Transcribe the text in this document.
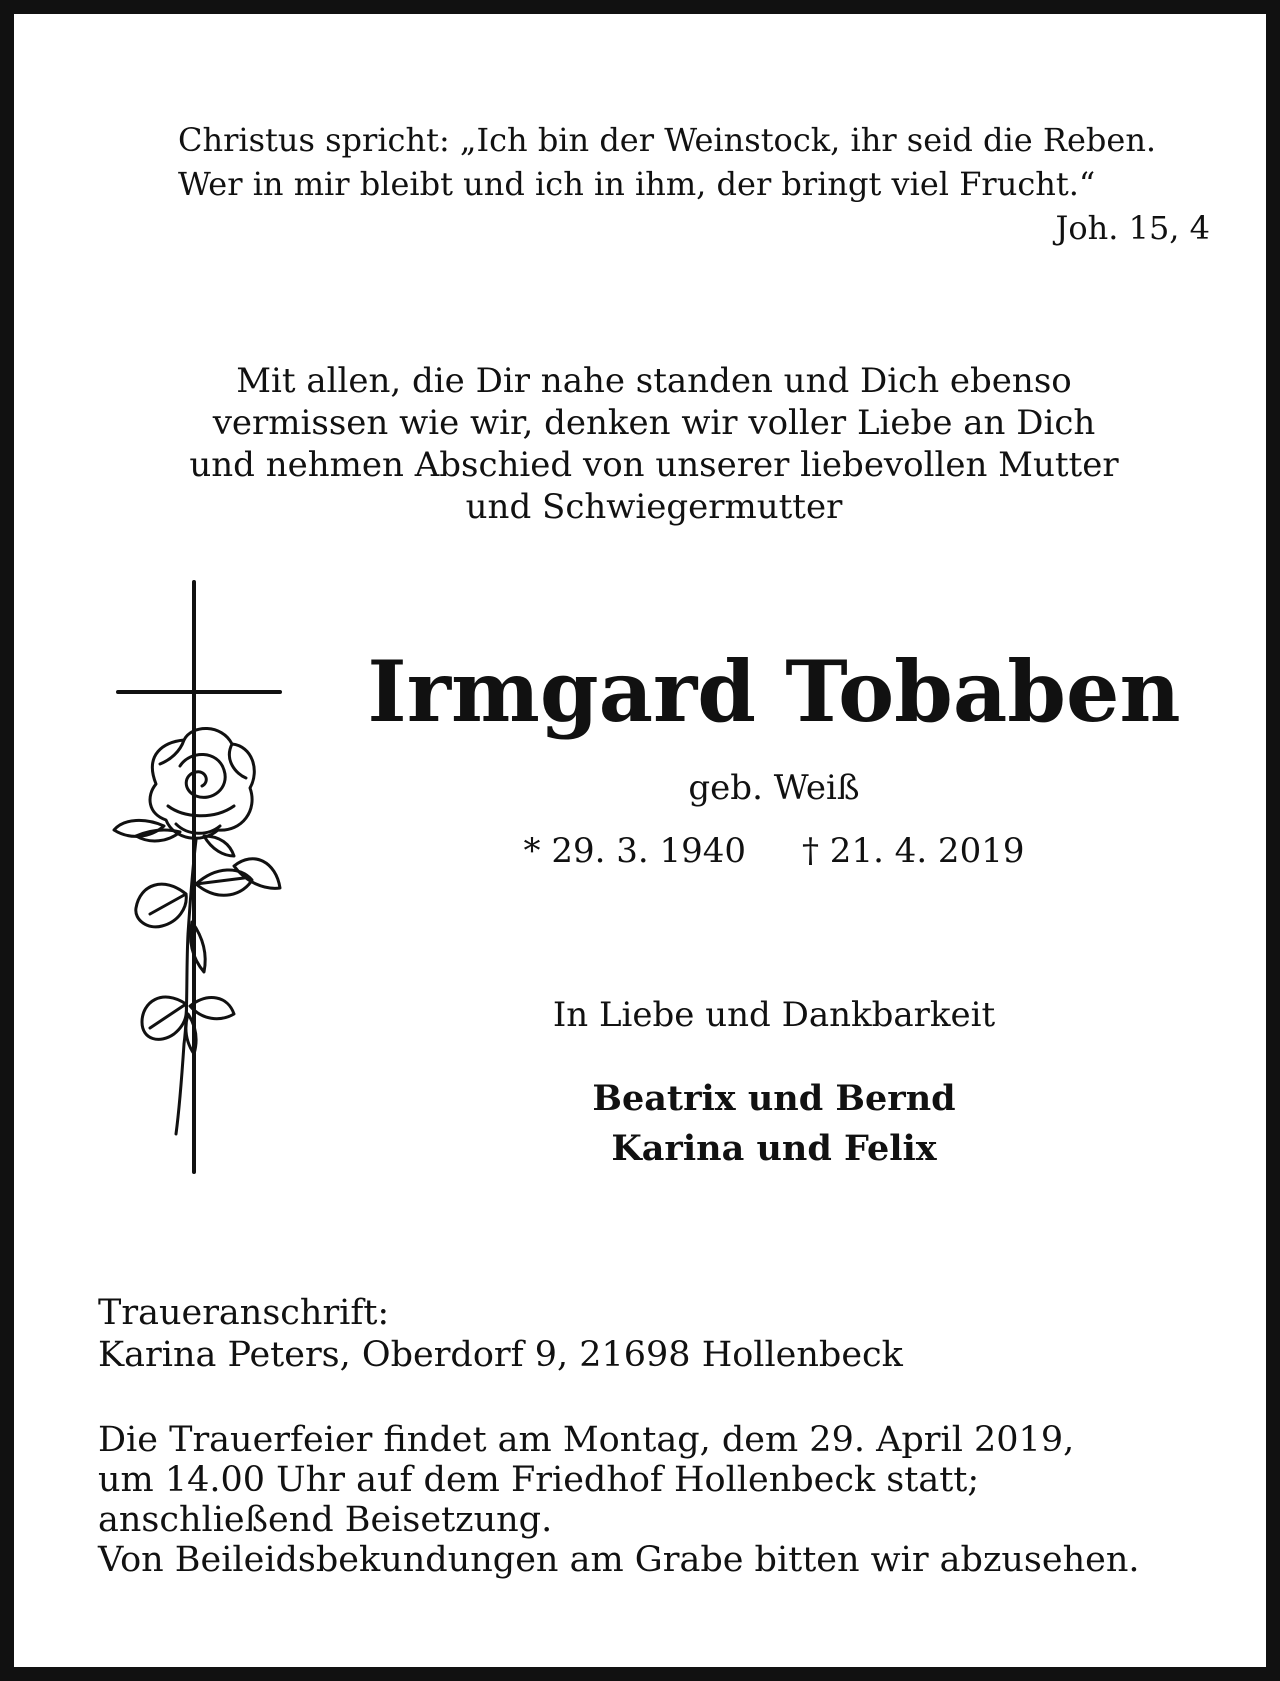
Christus spricht: „Ich bin der Weinstock, ihr seid die Reben.
Wer in mir bleibt und ich in ihm, der bringt viel Frucht.“
Joh. 15, 4
Mit allen, die Dir nahe standen und Dich ebenso
vermissen wie wir, denken wir voller Liebe an Dich
und nehmen Abschied von unserer liebevollen Mutter
und Schwiegermutter
Irmgard Tobaben
geb. Weiß
* 29. 3. 1940 † 21. 4. 2019
In Liebe und Dankbarkeit
Beatrix und Bernd
Karina und Felix
Traueranschrift:
Karina Peters, Oberdorf 9, 21698 Hollenbeck
Die Trauerfeier findet am Montag, dem 29. April 2019,
um 14.00 Uhr auf dem Friedhof Hollenbeck statt;
anschließend Beisetzung.
Von Beileidsbekundungen am Grabe bitten wir abzusehen.
